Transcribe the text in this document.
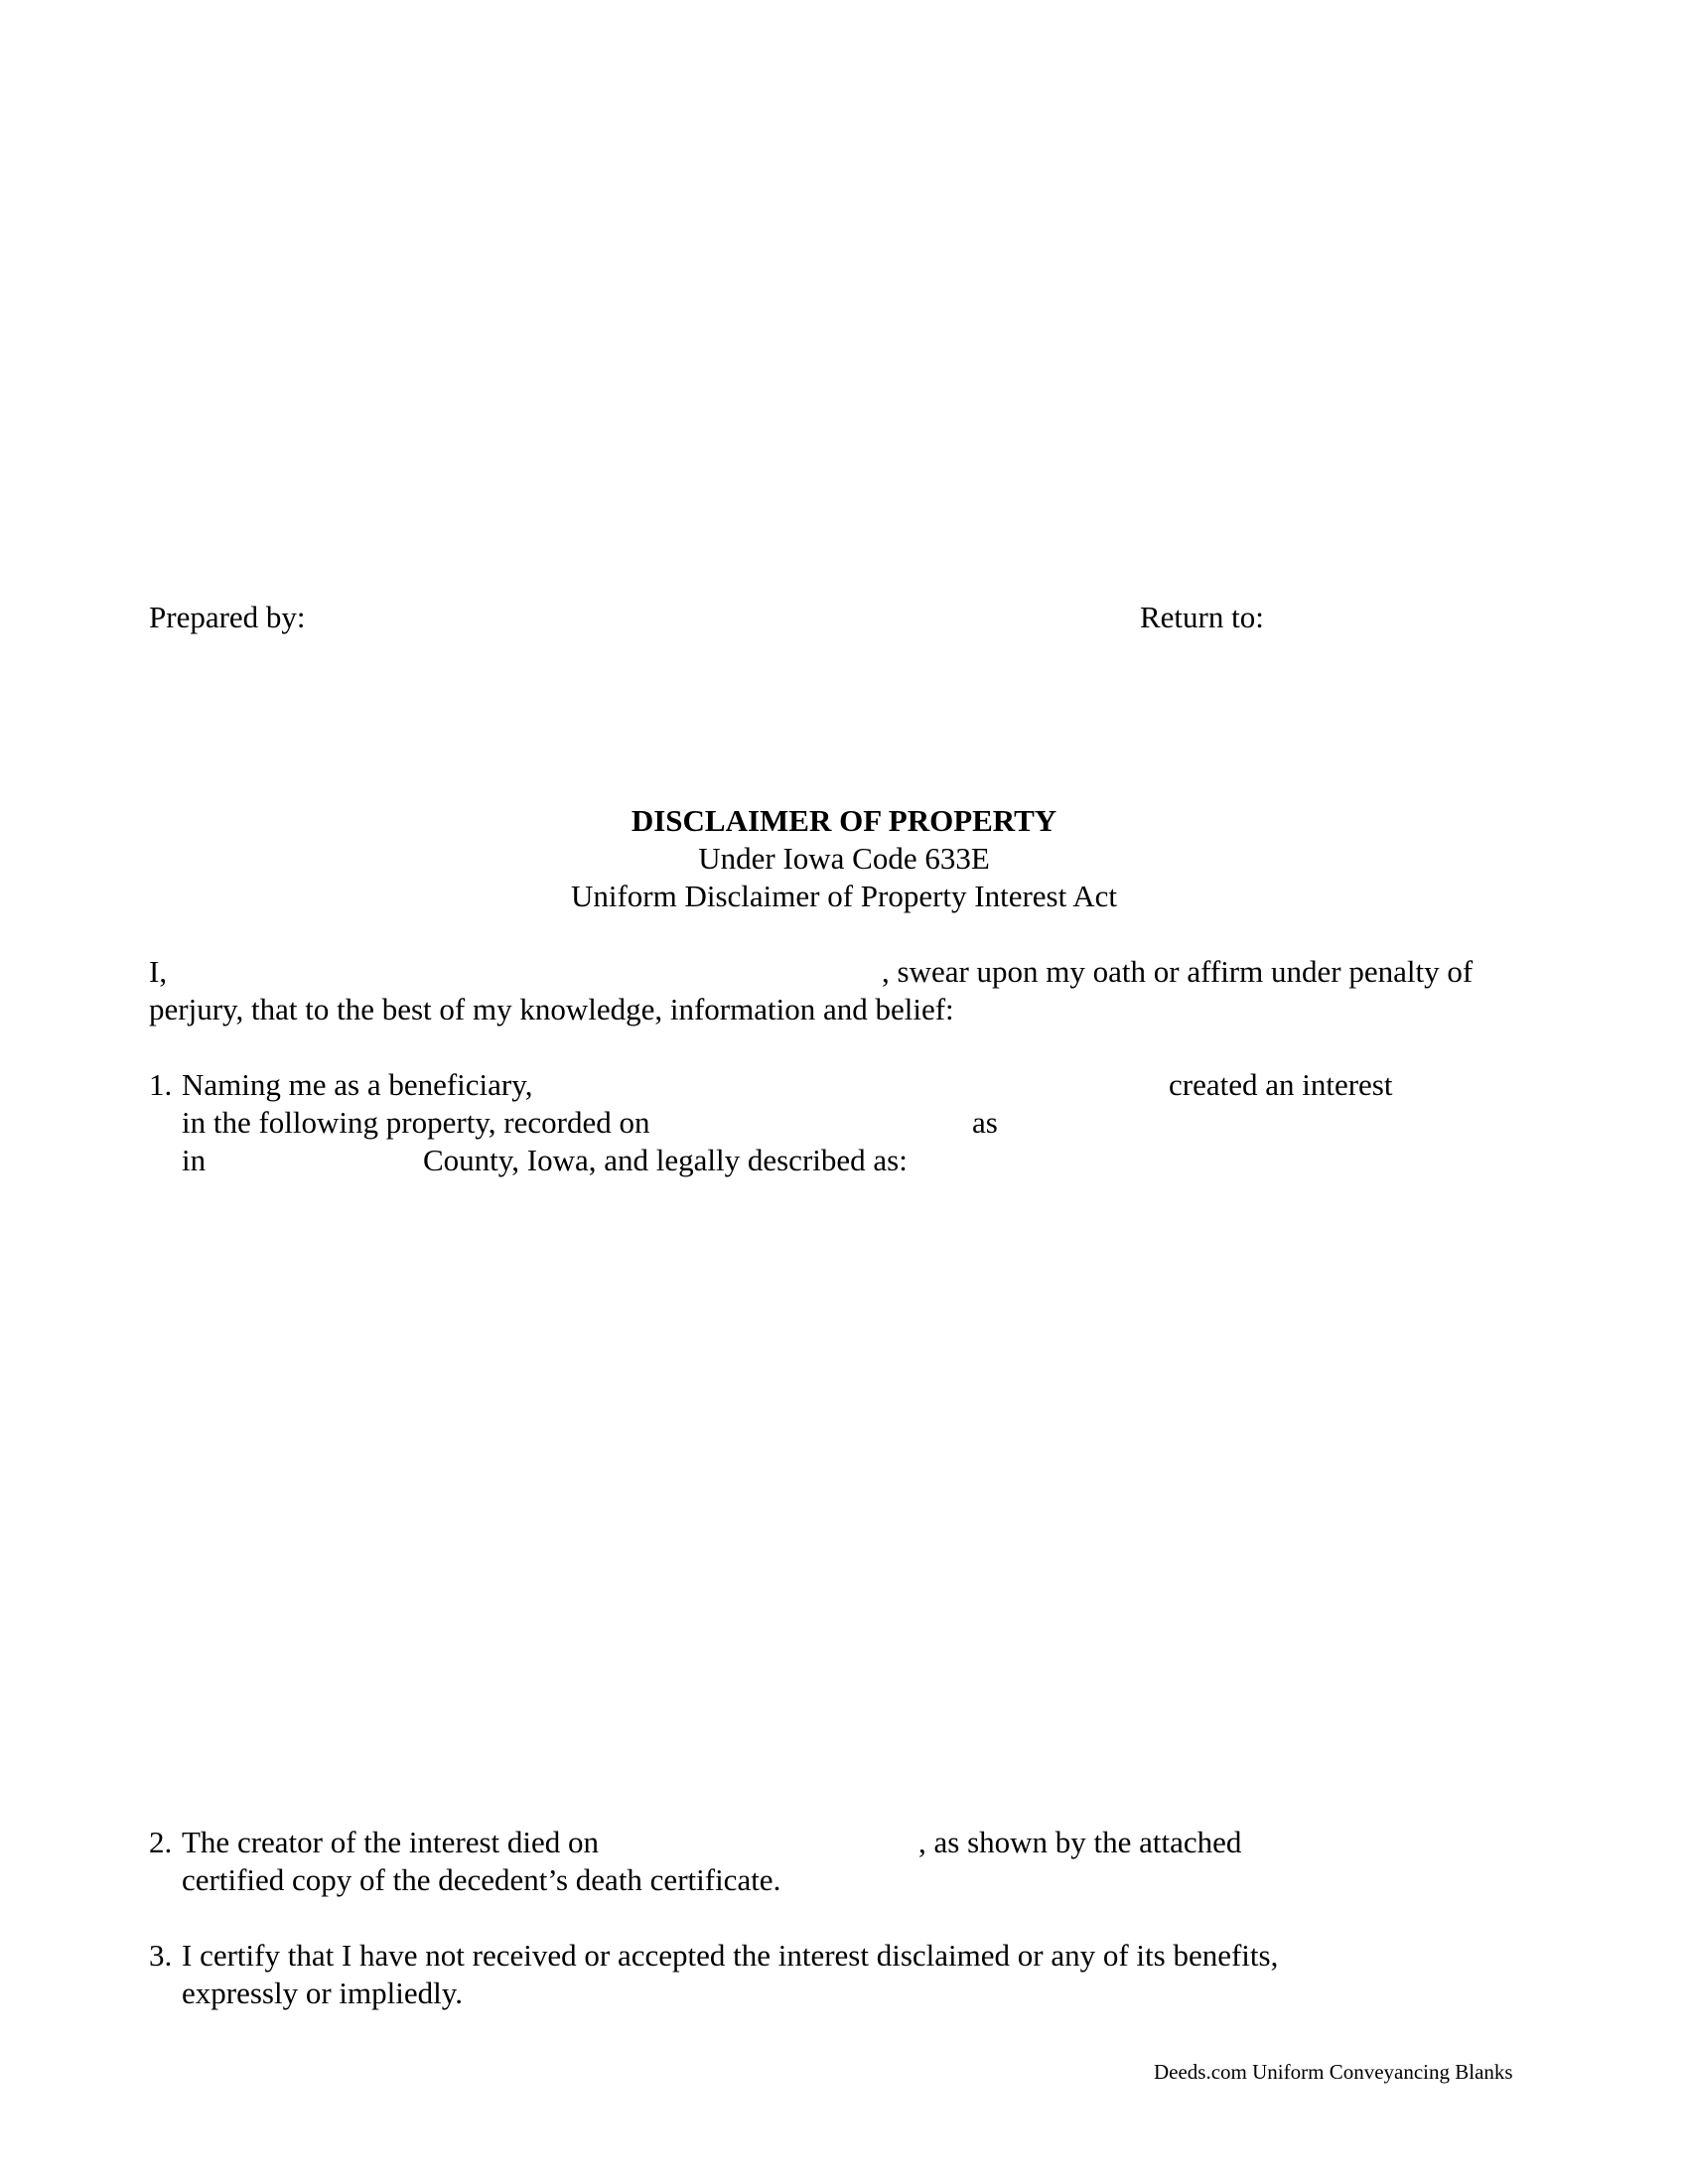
Prepared by:	Return to:
DISCLAIMER OF PROPERTY
Under Iowa Code 633E
Uniform Disclaimer of Property Interest Act
I,	, swear upon my oath or affirm under penalty of
perjury, that to the best of my knowledge, information and belief:
1. Naming me as a beneficiary,	created an interest
in the following property, recorded on	as
in	County, Iowa, and legally described as:
2. The creator of the interest died on	, as shown by the attached
certified copy of the decedent’s death certificate.
3. I certify that I have not received or accepted the interest disclaimed or any of its benefits,
expressly or impliedly.
Deeds.com Uniform Conveyancing Blanks
